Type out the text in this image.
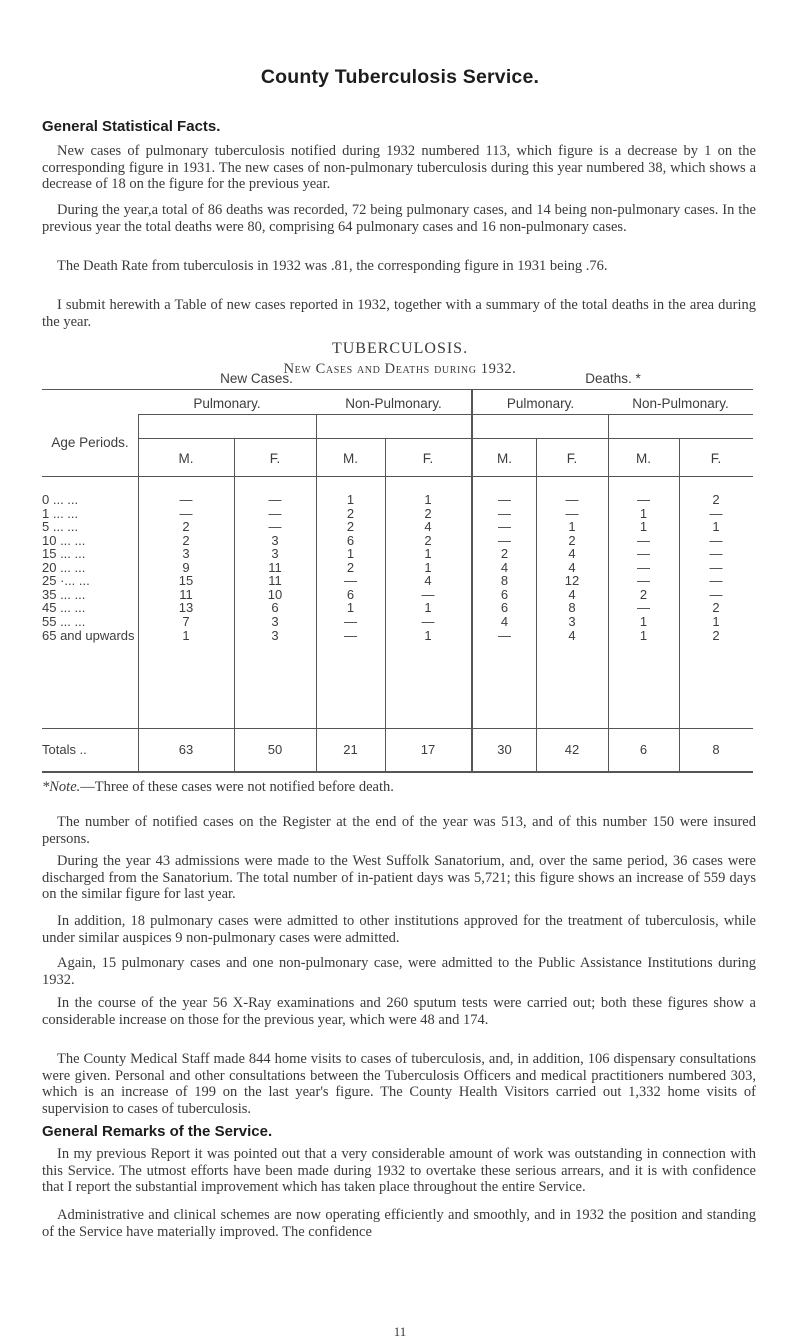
County Tuberculosis Service.
General Statistical Facts.

New cases of pulmonary tuberculosis notified during 1932 numbered 113, which figure is a decrease by 1 on the corresponding figure in 1931. The new cases of non-pulmonary tuberculosis during this year numbered 38, which shows a decrease of 18 on the figure for the previous year.

During the year,a total of 86 deaths was recorded, 72 being pulmonary cases, and 14 being non-pulmonary cases. In the previous year the total deaths were 80, comprising 64 pulmonary cases and 16 non-pulmonary cases.

The Death Rate from tuberculosis in 1932 was .81, the corresponding figure in 1931 being .76.

I submit herewith a Table of new cases reported in 1932, together with a summary of the total deaths in the area during the year.

TUBERCULOSIS.
New Cases and Deaths during 1932.
New Cases.	Deaths. *
Age Periods.
Pulmonary.	Non-Pulmonary.	Pulmonary.	Non-Pulmonary.
M.	F.	M.	F.	M.	F.	M.	F.
0 ... ...	—	—	1	1	—	—	—	2
1 ... ...	—	—	2	2	—	—	1	—
5 ... ...	2	—	2	4	—	1	1	1
10 ... ...	2	3	6	2	—	2	—	—
15 ... ...	3	3	1	1	2	4	—	—
20 ... ...	9	11	2	1	4	4	—	—
25 ·... ...	15	11	—	4	8	12	—	—
35 ... ...	11	10	6	—	6	4	2	—
45 ... ...	13	6	1	1	6	8	—	2
55 ... ...	7	3	—	—	4	3	1	1
65 and upwards	1	3	—	1	—	4	1	2
Totals ..	63	50	21	17	30	42	6	8
*Note.—Three of these cases were not notified before death.

The number of notified cases on the Register at the end of the year was 513, and of this number 150 were insured persons.

During the year 43 admissions were made to the West Suffolk Sanatorium, and, over the same period, 36 cases were discharged from the Sanatorium. The total number of in-patient days was 5,721; this figure shows an increase of 559 days on the similar figure for last year.

In addition, 18 pulmonary cases were admitted to other institutions approved for the treatment of tuberculosis, while under similar auspices 9 non-pulmonary cases were admitted.

Again, 15 pulmonary cases and one non-pulmonary case, were admitted to the Public Assistance Institutions during 1932.

In the course of the year 56 X-Ray examinations and 260 sputum tests were carried out; both these figures show a considerable increase on those for the previous year, which were 48 and 174.

The County Medical Staff made 844 home visits to cases of tuberculosis, and, in addition, 106 dispensary consultations were given. Personal and other consultations between the Tuberculosis Officers and medical practitioners numbered 303, which is an increase of 199 on the last year's figure. The County Health Visitors carried out 1,332 home visits of supervision to cases of tuberculosis.

General Remarks of the Service.

In my previous Report it was pointed out that a very considerable amount of work was outstanding in connection with this Service. The utmost efforts have been made during 1932 to overtake these serious arrears, and it is with confidence that I report the substantial improvement which has taken place throughout the entire Service.

Administrative and clinical schemes are now operating efficiently and smoothly, and in 1932 the position and standing of the Service have materially improved. The confidence

11
